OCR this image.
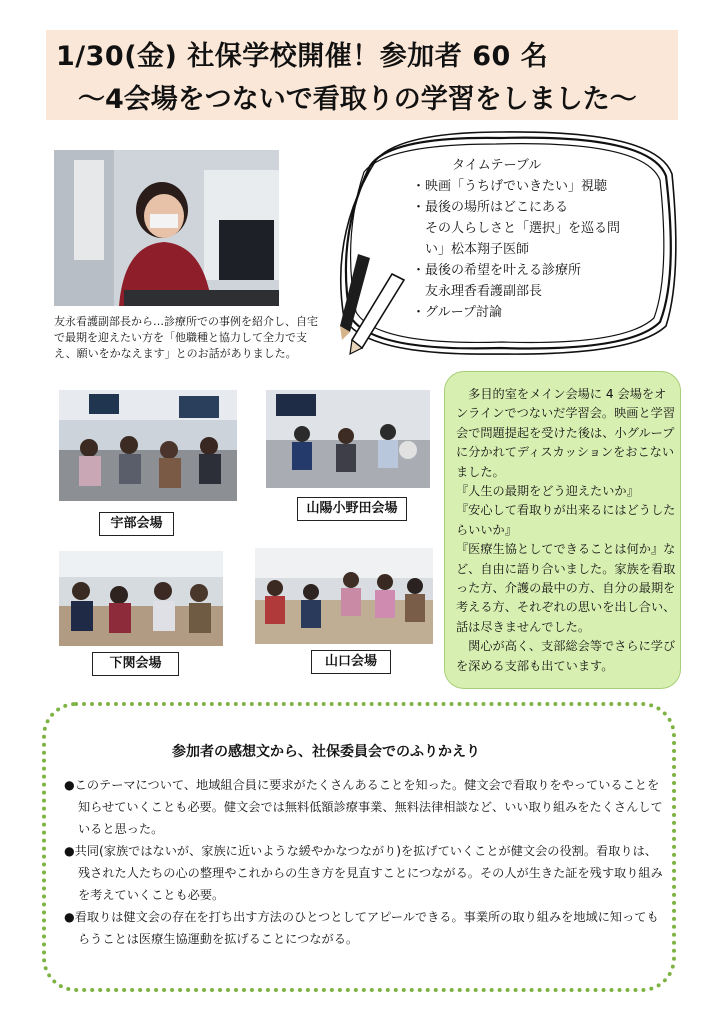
1/30(金) 社保学校開催！参加者 60 名
〜4会場をつないで看取りの学習をしました〜
友永看護副部長から…診療所での事例を紹介し、自宅で最期を迎えたい方を「他職種と協力して全力で支え、願いをかなえます」とのお話がありました。
タイムテーブル
・映画「うちげでいきたい」視聴
・最後の場所はどこにある
　その人らしさと「選択」を巡る問
　い」松本翔子医師
・最後の希望を叶える診療所
　友永理香看護副部長
・グループ討論
宇部会場
山陽小野田会場
下関会場	山口会場

　多目的室をメイン会場に 4 会場をオンラインでつないだ学習会。映画と学習会で問題提起を受けた後は、小グループに分かれてディスカッションをおこないました。

『人生の最期をどう迎えたいか』

『安心して看取りが出来るにはどうしたらいいか』

『医療生協としてできることは何か』など、自由に語り合いました。家族を看取った方、介護の最中の方、自分の最期を考える方、それぞれの思いを出し合い、話は尽きませんでした。

　関心が高く、支部総会等でさらに学びを深める支部も出ています。

参加者の感想文から、社保委員会でのふりかえり
●このテーマについて、地域組合員に要求がたくさんあることを知った。健文会で看取りをやっていることを知らせていくことも必要。健文会では無料低額診療事業、無料法律相談など、いい取り組みをたくさんしていると思った。
●共同(家族ではないが、家族に近いような緩やかなつながり)を拡げていくことが健文会の役割。看取りは、残された人たちの心の整理やこれからの生き方を見直すことにつながる。その人が生きた証を残す取り組みを考えていくことも必要。
●看取りは健文会の存在を打ち出す方法のひとつとしてアピールできる。事業所の取り組みを地域に知ってもらうことは医療生協運動を拡げることにつながる。
